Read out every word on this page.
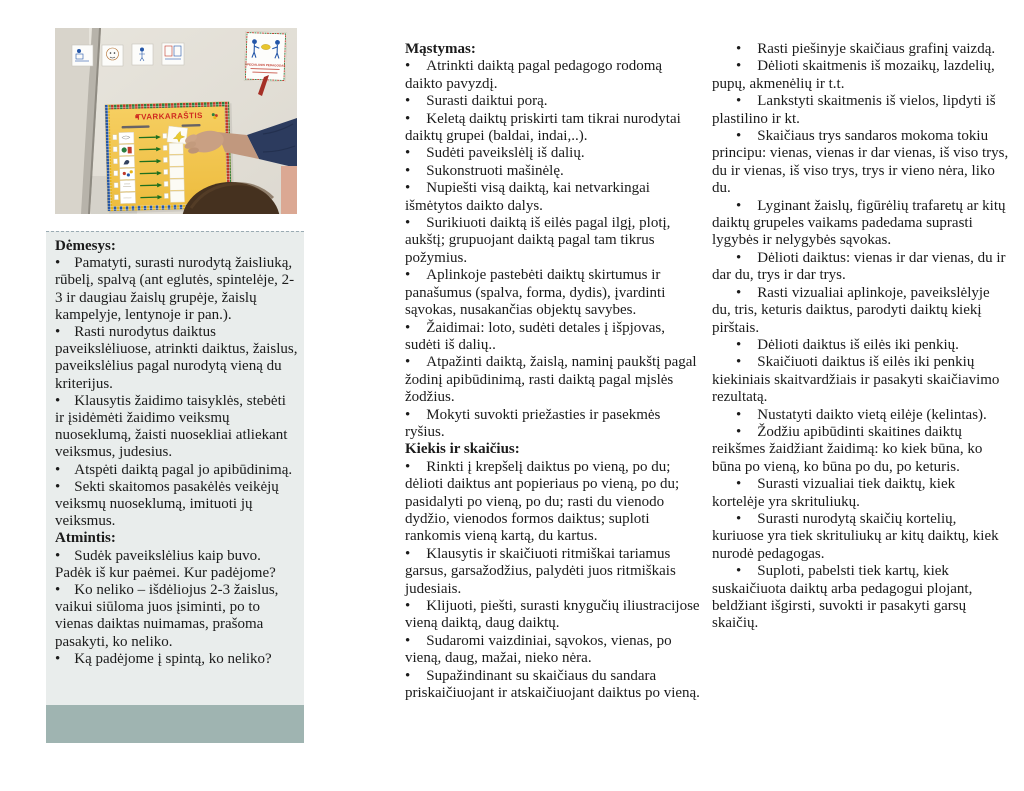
SPECIALUSIS PEDAGOGAS
TVARKARAŠTIS

Dėmesys:

• Pamatyti, surasti nurodytą žaisliuką, rūbelį, spalvą (ant eglutės, spintelėje, 2-3 ir daugiau žaislų grupėje, žaislų kampelyje, lentynoje ir pan.).

• Rasti nurodytus daiktus paveikslėliuose, atrinkti daiktus, žaislus, paveikslėlius pagal nurodytą vieną du kriterijus.

• Klausytis žaidimo taisyklės, stebėti ir įsidėmėti žaidimo veiksmų nuoseklumą, žaisti nuosekliai atliekant veiksmus, judesius.

• Atspėti daiktą pagal jo apibūdinimą.

• Sekti skaitomos pasakėlės veikėjų veiksmų nuoseklumą, imituoti jų veiksmus.

Atmintis:

• Sudėk paveikslėlius kaip buvo. Padėk iš kur paėmei. Kur padėjome?

• Ko neliko – išdėliojus 2-3 žaislus, vaikui siūloma juos įsiminti, po to vienas daiktas nuimamas, prašoma pasakyti, ko neliko.

• Ką padėjome į spintą, ko neliko?

Mąstymas:

• Atrinkti daiktą pagal pedagogo rodomą daikto pavyzdį.

• Surasti daiktui porą.

• Keletą daiktų priskirti tam tikrai nurodytai daiktų grupei (baldai, indai,..).

• Sudėti paveikslėlį iš dalių.

• Sukonstruoti mašinėlę.

• Nupiešti visą daiktą, kai netvarkingai išmėtytos daikto dalys.

• Surikiuoti daiktą iš eilės pagal ilgį, plotį, aukštį; grupuojant daiktą pagal tam tikrus požymius.

• Aplinkoje pastebėti daiktų skirtumus ir panašumus (spalva, forma, dydis), įvardinti sąvokas, nusakančias objektų savybes.

• Žaidimai: loto, sudėti detales į išpjovas, sudėti iš dalių..

• Atpažinti daiktą, žaislą, naminį paukštį pagal žodinį apibūdinimą, rasti daiktą pagal mįslės žodžius.

• Mokyti suvokti priežasties ir pasekmės ryšius.

Kiekis ir skaičius:

• Rinkti į krepšelį daiktus po vieną, po du; dėlioti daiktus ant popieriaus po vieną, po du; pasidalyti po vieną, po du; rasti du vienodo dydžio, vienodos formos daiktus; suploti rankomis vieną kartą, du kartus.

• Klausytis ir skaičiuoti ritmiškai tariamus garsus, garsažodžius, palydėti juos ritmiškais judesiais.

• Klijuoti, piešti, surasti knygučių iliustracijose vieną daiktą, daug daiktų.

• Sudaromi vaizdiniai, sąvokos, vienas, po vieną, daug, mažai, nieko nėra.

• Supažindinant su skaičiaus du sandara priskaičiuojant ir atskaičiuojant daiktus po vieną.

• Rasti piešinyje skaičiaus grafinį vaizdą.

• Dėlioti skaitmenis iš mozaikų, lazdelių, pupų, akmenėlių ir t.t.

• Lankstyti skaitmenis iš vielos, lipdyti iš plastilino ir kt.

• Skaičiaus trys sandaros mokoma tokiu principu: vienas, vienas ir dar vienas, iš viso trys, du ir vienas, iš viso trys, trys ir vieno nėra, liko du.

• Lyginant žaislų, figūrėlių trafaretų ar kitų daiktų grupeles vaikams padedama suprasti lygybės ir nelygybės sąvokas.

• Dėlioti daiktus: vienas ir dar vienas, du ir dar du, trys ir dar trys.

• Rasti vizualiai aplinkoje, paveikslėlyje du, tris, keturis daiktus, parodyti daiktų kiekį pirštais.

• Dėlioti daiktus iš eilės iki penkių.

• Skaičiuoti daiktus iš eilės iki penkių kiekiniais skaitvardžiais ir pasakyti skaičiavimo rezultatą.

• Nustatyti daikto vietą eilėje (kelintas).

• Žodžiu apibūdinti skaitines daiktų reikšmes žaidžiant žaidimą: ko kiek būna, ko būna po vieną, ko būna po du, po keturis.

• Surasti vizualiai tiek daiktų, kiek kortelėje yra skrituliukų.

• Surasti nurodytą skaičių kortelių, kuriuose yra tiek skrituliukų ar kitų daiktų, kiek nurodė pedagogas.

• Suploti, pabelsti tiek kartų, kiek suskaičiuota daiktų arba pedagogui plojant, beldžiant išgirsti, suvokti ir pasakyti garsų skaičių.
